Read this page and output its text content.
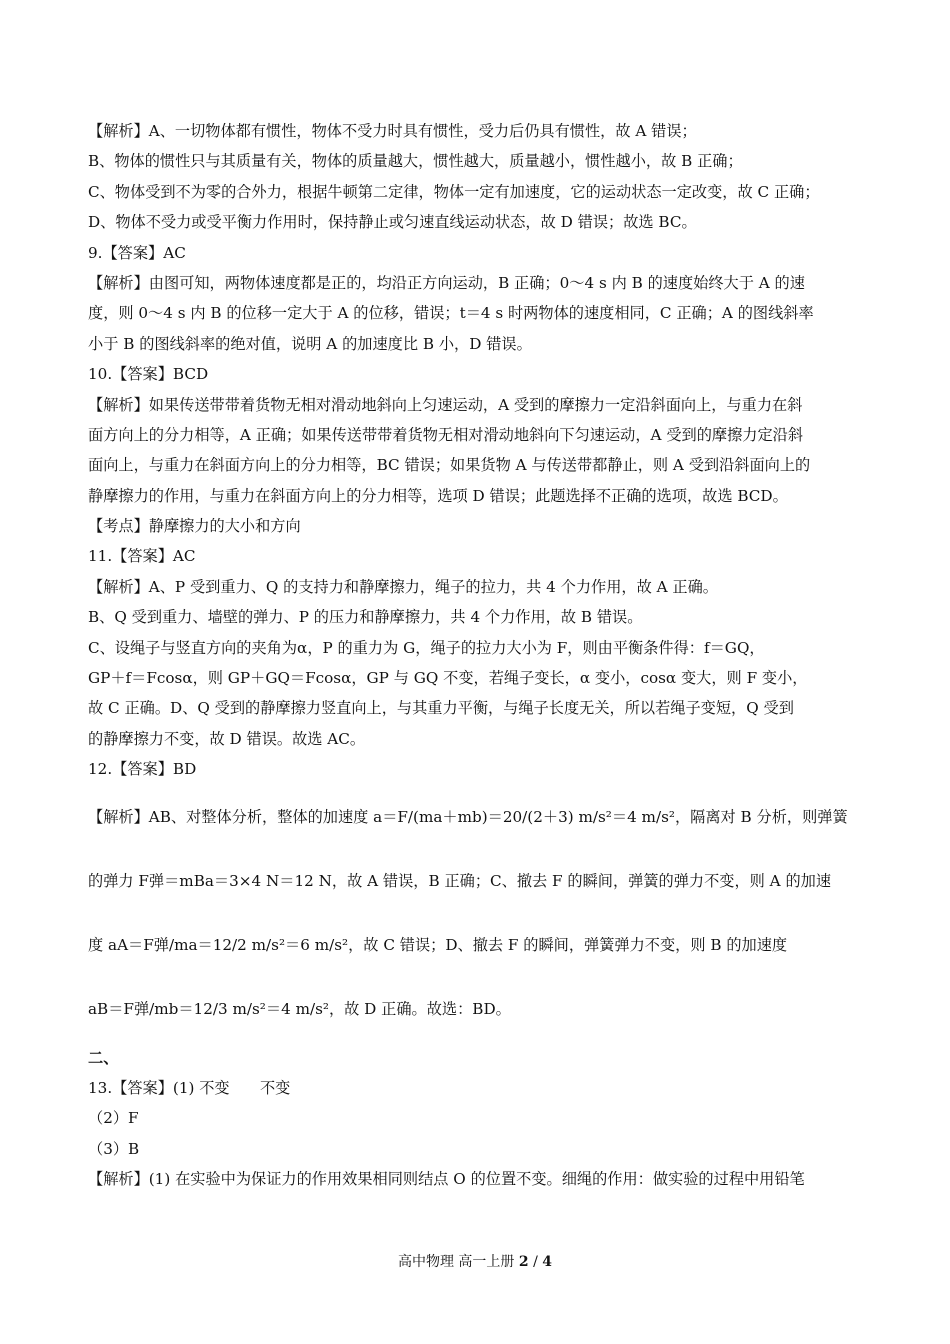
【解析】A、一切物体都有惯性，物体不受力时具有惯性，受力后仍具有惯性，故 A 错误；
B、物体的惯性只与其质量有关，物体的质量越大，惯性越大，质量越小，惯性越小，故 B 正确；
C、物体受到不为零的合外力，根据牛顿第二定律，物体一定有加速度，它的运动状态一定改变，故 C 正确；
D、物体不受力或受平衡力作用时，保持静止或匀速直线运动状态，故 D 错误；故选 BC。
9.【答案】AC
【解析】由图可知，两物体速度都是正的，均沿正方向运动，B 正确；0～4 s 内 B 的速度始终大于 A 的速
度，则 0～4 s 内 B 的位移一定大于 A 的位移，错误；t＝4 s 时两物体的速度相同，C 正确；A 的图线斜率
小于 B 的图线斜率的绝对值，说明 A 的加速度比 B 小，D 错误。
10.【答案】BCD
【解析】如果传送带带着货物无相对滑动地斜向上匀速运动，A 受到的摩擦力一定沿斜面向上，与重力在斜
面方向上的分力相等，A 正确；如果传送带带着货物无相对滑动地斜向下匀速运动，A 受到的摩擦力定沿斜
面向上，与重力在斜面方向上的分力相等，BC 错误；如果货物 A 与传送带都静止，则 A 受到沿斜面向上的
静摩擦力的作用，与重力在斜面方向上的分力相等，选项 D 错误；此题选择不正确的选项，故选 BCD。
【考点】静摩擦力的大小和方向
11.【答案】AC
【解析】A、P 受到重力、Q 的支持力和静摩擦力，绳子的拉力，共 4 个力作用，故 A 正确。
B、Q 受到重力、墙壁的弹力、P 的压力和静摩擦力，共 4 个力作用，故 B 错误。
C、设绳子与竖直方向的夹角为α，P 的重力为 G，绳子的拉力大小为 F，则由平衡条件得：f＝GQ，
GP＋f＝Fcosα，则 GP＋GQ＝Fcosα，GP 与 GQ 不变，若绳子变长，α 变小，cosα 变大，则 F 变小，
故 C 正确。D、Q 受到的静摩擦力竖直向上，与其重力平衡，与绳子长度无关，所以若绳子变短，Q 受到
的静摩擦力不变，故 D 错误。故选 AC。
12.【答案】BD
【解析】AB、对整体分析，整体的加速度 a＝F/(ma＋mb)＝20/(2＋3) m/s²＝4 m/s²，隔离对 B 分析，则弹簧
的弹力 F弹＝mBa＝3×4 N＝12 N，故 A 错误，B 正确；C、撤去 F 的瞬间，弹簧的弹力不变，则 A 的加速
度 aA＝F弹/ma＝12/2 m/s²＝6 m/s²，故 C 错误；D、撤去 F 的瞬间，弹簧弹力不变，则 B 的加速度
aB＝F弹/mb＝12/3 m/s²＝4 m/s²，故 D 正确。故选：BD。
二、
13.【答案】(1) 不变　　不变
（2）F
（3）B
【解析】(1) 在实验中为保证力的作用效果相同则结点 O 的位置不变。细绳的作用：做实验的过程中用铅笔
高中物理 高一上册 2 / 4
